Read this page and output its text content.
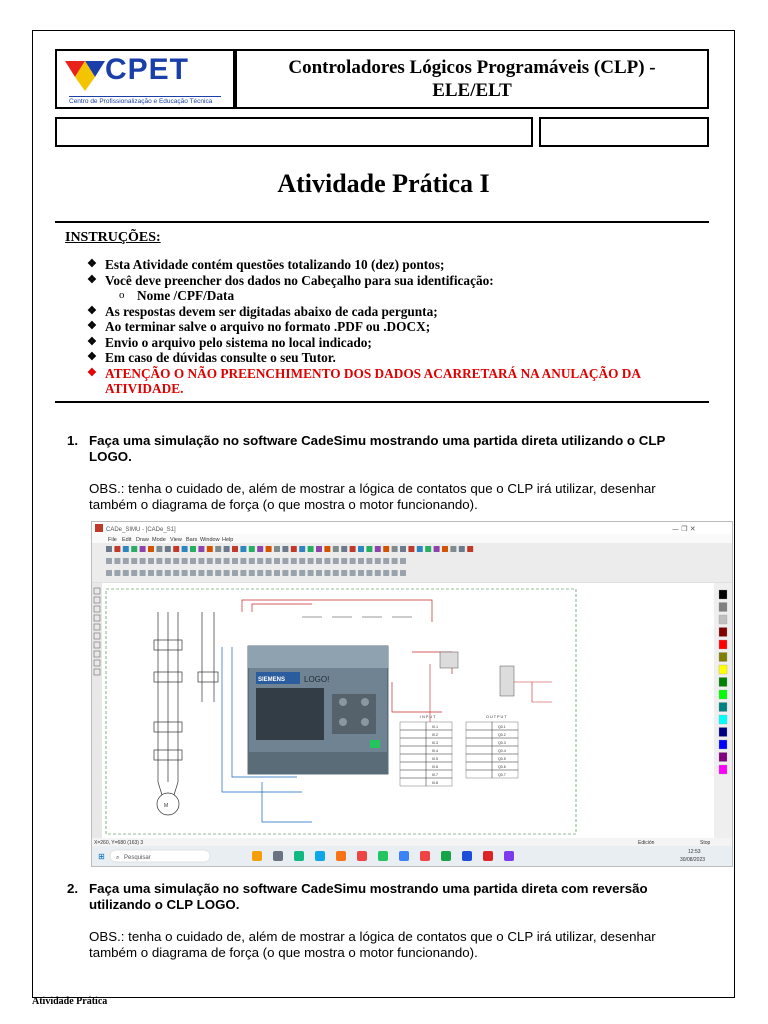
CPET
Centro de Profissionalização e Educação Técnica
Controladores Lógicos Programáveis (CLP) -
ELE/ELT
Atividade Prática I
INSTRUÇÕES:
❖ Esta Atividade contém questões totalizando 10 (dez) pontos;
❖ Você deve preencher dos dados no Cabeçalho para sua identificação:
o Nome /CPF/Data
❖ As respostas devem ser digitadas abaixo de cada pergunta;
❖ Ao terminar salve o arquivo no formato .PDF ou .DOCX;
❖ Envio o arquivo pelo sistema no local indicado;
❖ Em caso de dúvidas consulte o seu Tutor.
❖ ATENÇÃO O NÃO PREENCHIMENTO DOS DADOS ACARRETARÁ NA ANULAÇÃO DA ATIVIDADE.
1. Faça uma simulação no software CadeSimu mostrando uma partida direta utilizando o CLP LOGO.
OBS.: tenha o cuidado de, além de mostrar a lógica de contatos que o CLP irá utilizar, desenhar também o diagrama de força (o que mostra o motor funcionando).
CADe_SIMU - [CADe_S1]	— ❐ ✕
File Edit Draw Mode View Bars Window Help
M
SIEMENS LOGO!
I N P U T	O U T P U T
I0.1	Q0.1
I0.2	Q0.2
I0.3	Q0.3
I0.4	Q0.4
I0.5	Q0.5
I0.6	Q0.6
I0.7	Q0.7
I0.8
X=260, Y=680 (163) 3	Edición	Stop
⊞ ⌕ Pesquisar
12:53
30/08/2023
2. Faça uma simulação no software CadeSimu mostrando uma partida direta com reversão utilizando o CLP LOGO.
OBS.: tenha o cuidado de, além de mostrar a lógica de contatos que o CLP irá utilizar, desenhar também o diagrama de força (o que mostra o motor funcionando).
Atividade Prática
